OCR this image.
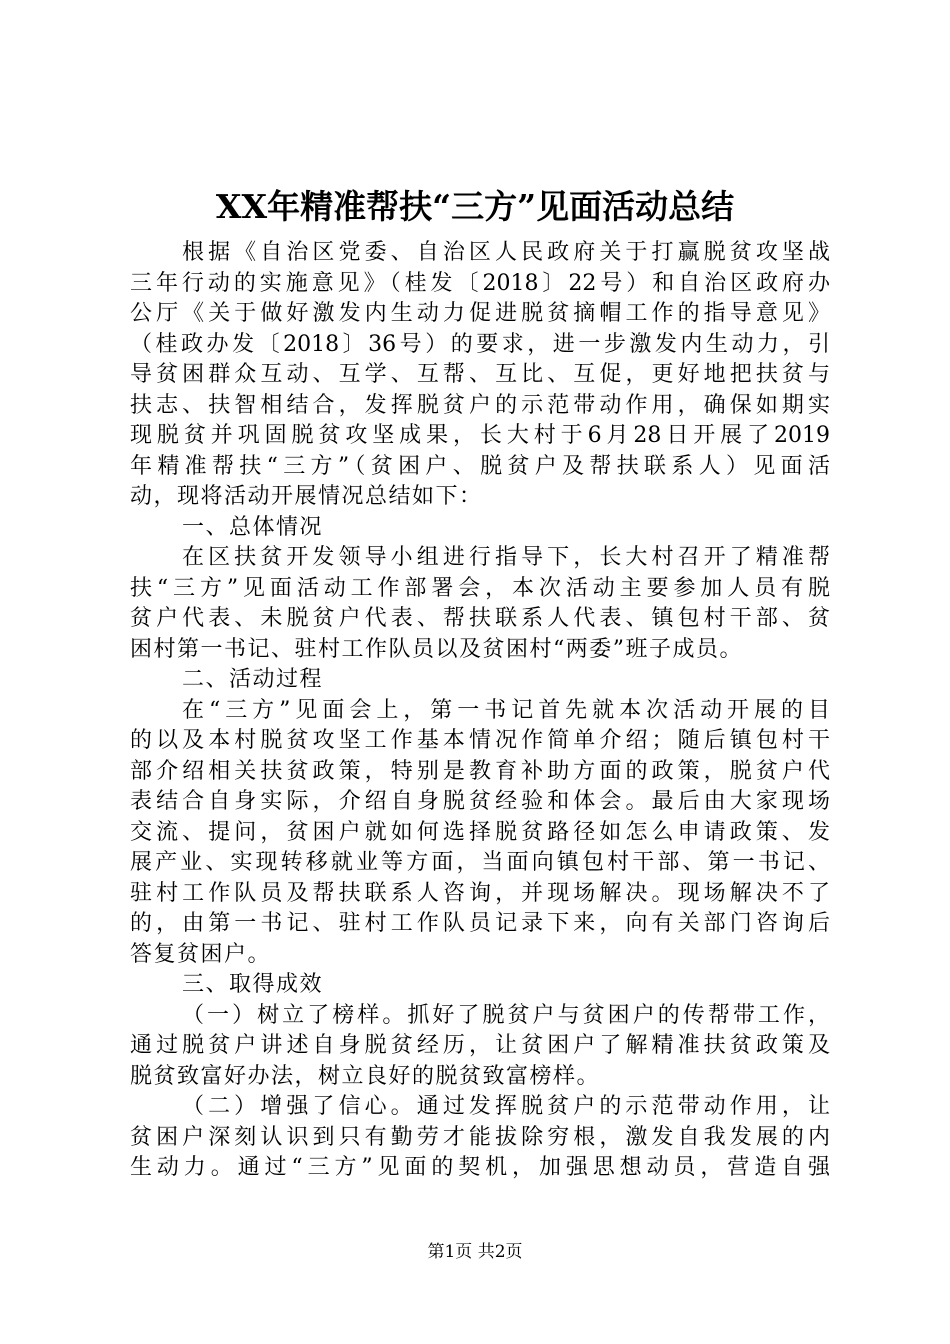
XX年精准帮扶“三方”见面活动总结
根据《自治区党委、自治区人民政府关于打赢脱贫攻坚战
三年行动的实施意见》（桂发〔2018〕22号）和自治区政府办
公厅《关于做好激发内生动力促进脱贫摘帽工作的指导意见》
（桂政办发〔2018〕36号）的要求，进一步激发内生动力，引
导贫困群众互动、互学、互帮、互比、互促，更好地把扶贫与
扶志、扶智相结合，发挥脱贫户的示范带动作用，确保如期实
现脱贫并巩固脱贫攻坚成果，长大村于6月28日开展了2019
年精准帮扶“三方”（贫困户、脱贫户及帮扶联系人）见面活
动，现将活动开展情况总结如下：
一、总体情况
在区扶贫开发领导小组进行指导下，长大村召开了精准帮
扶“三方”见面活动工作部署会，本次活动主要参加人员有脱
贫户代表、未脱贫户代表、帮扶联系人代表、镇包村干部、贫
困村第一书记、驻村工作队员以及贫困村“两委”班子成员。
二、活动过程
在“三方”见面会上，第一书记首先就本次活动开展的目
的以及本村脱贫攻坚工作基本情况作简单介绍；随后镇包村干
部介绍相关扶贫政策，特别是教育补助方面的政策，脱贫户代
表结合自身实际，介绍自身脱贫经验和体会。最后由大家现场
交流、提问，贫困户就如何选择脱贫路径如怎么申请政策、发
展产业、实现转移就业等方面，当面向镇包村干部、第一书记、
驻村工作队员及帮扶联系人咨询，并现场解决。现场解决不了
的，由第一书记、驻村工作队员记录下来，向有关部门咨询后
答复贫困户。
三、取得成效
（一）树立了榜样。抓好了脱贫户与贫困户的传帮带工作，
通过脱贫户讲述自身脱贫经历，让贫困户了解精准扶贫政策及
脱贫致富好办法，树立良好的脱贫致富榜样。
（二）增强了信心。通过发挥脱贫户的示范带动作用，让
贫困户深刻认识到只有勤劳才能拔除穷根，激发自我发展的内
生动力。通过“三方”见面的契机，加强思想动员，营造自强
第1页 共2页
